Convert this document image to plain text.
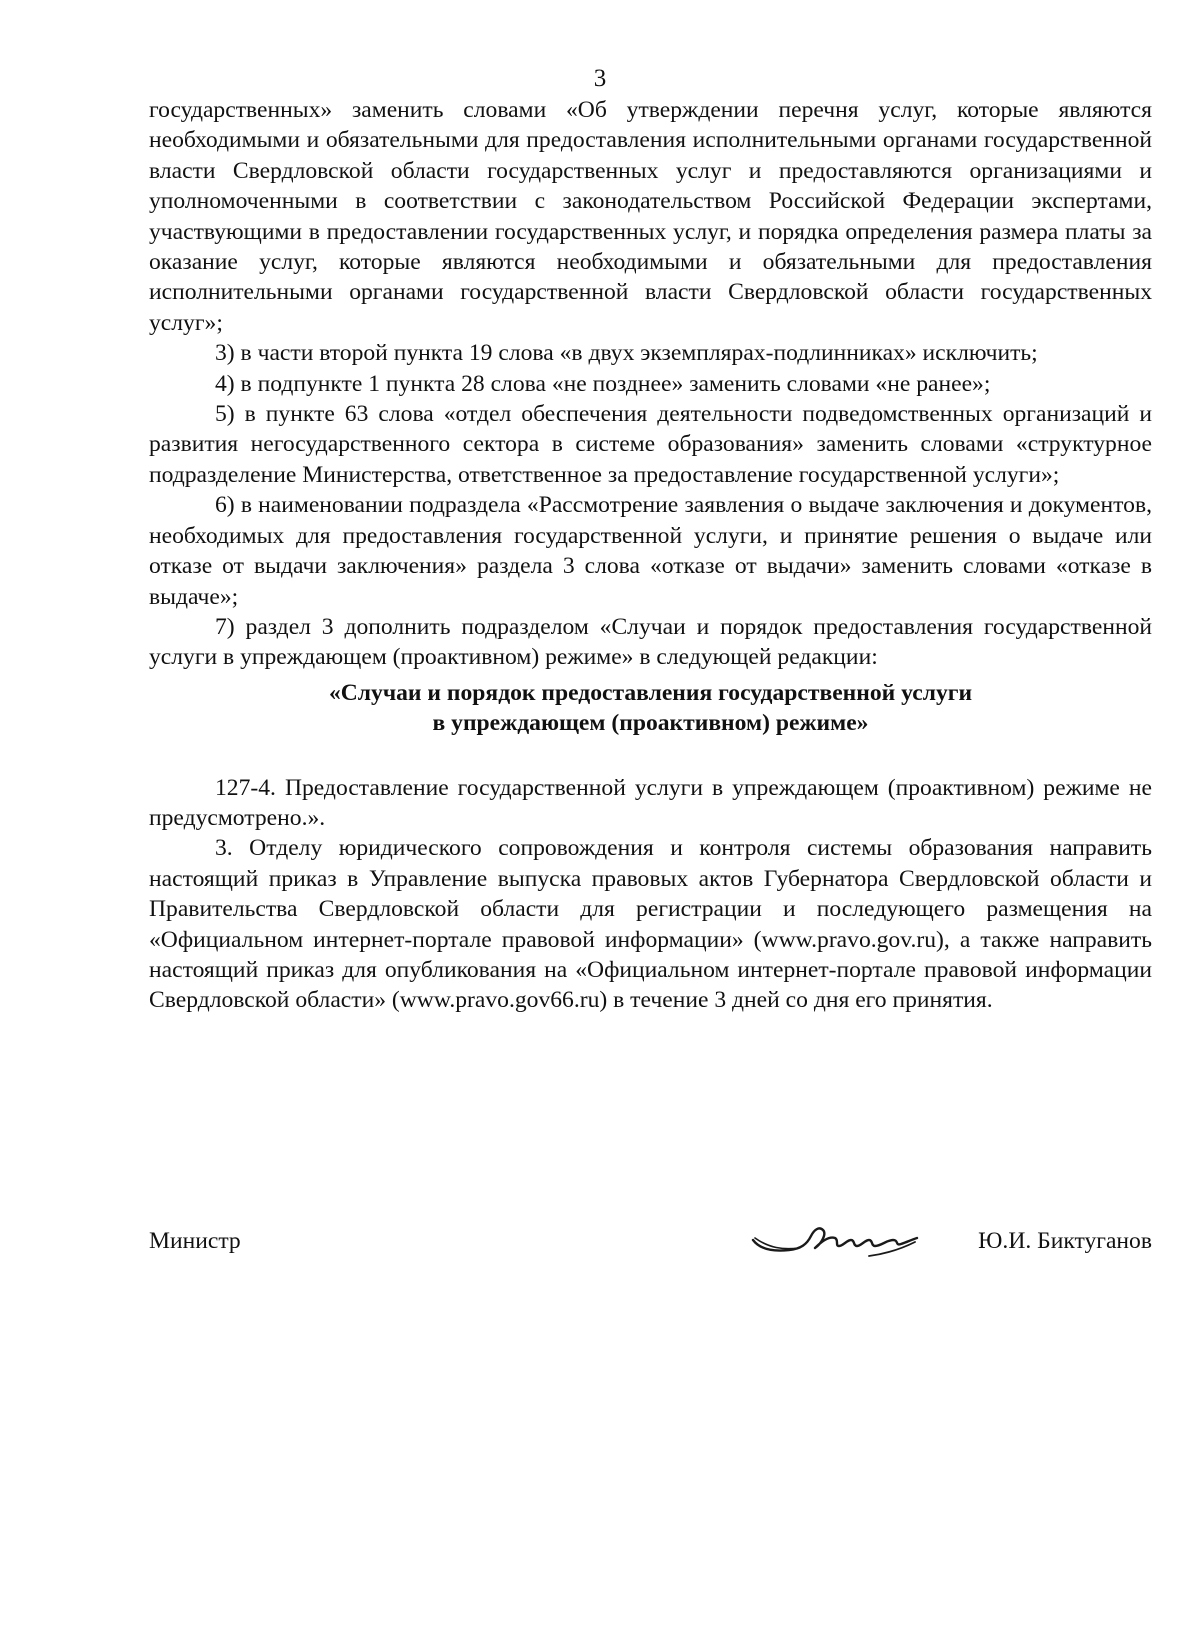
3

государственных» заменить словами «Об утверждении перечня услуг, которые являются необходимыми и обязательными для предоставления исполнительными органами государственной власти Свердловской области государственных услуг и предоставляются организациями и уполномоченными в соответствии с законодательством Российской Федерации экспертами, участвующими в предоставлении государственных услуг, и порядка определения размера платы за оказание услуг, которые являются необходимыми и обязательными для предоставления исполнительными органами государственной власти Свердловской области государственных услуг»;

3) в части второй пункта 19 слова «в двух экземплярах-подлинниках» исключить;

4) в подпункте 1 пункта 28 слова «не позднее» заменить словами «не ранее»;

5) в пункте 63 слова «отдел обеспечения деятельности подведомственных организаций и развития негосударственного сектора в системе образования» заменить словами «структурное подразделение Министерства, ответственное за предоставление государственной услуги»;

6) в наименовании подраздела «Рассмотрение заявления о выдаче заключения и документов, необходимых для предоставления государственной услуги, и принятие решения о выдаче или отказе от выдачи заключения» раздела 3 слова «отказе от выдачи» заменить словами «отказе в выдаче»;

7) раздел 3 дополнить подразделом «Случаи и порядок предоставления государственной услуги в упреждающем (проактивном) режиме» в следующей редакции:

«Случаи и порядок предоставления государственной услуги
в упреждающем (проактивном) режиме»

127-4. Предоставление государственной услуги в упреждающем (проактивном) режиме не предусмотрено.».

3. Отделу юридического сопровождения и контроля системы образования направить настоящий приказ в Управление выпуска правовых актов Губернатора Свердловской области и Правительства Свердловской области для регистрации и последующего размещения на «Официальном интернет-портале правовой информации» (www.pravo.gov.ru), а также направить настоящий приказ для опубликования на «Официальном интернет-портале правовой информации Свердловской области» (www.pravo.gov66.ru) в течение 3 дней со дня его принятия.

Министр	Ю.И. Биктуганов
